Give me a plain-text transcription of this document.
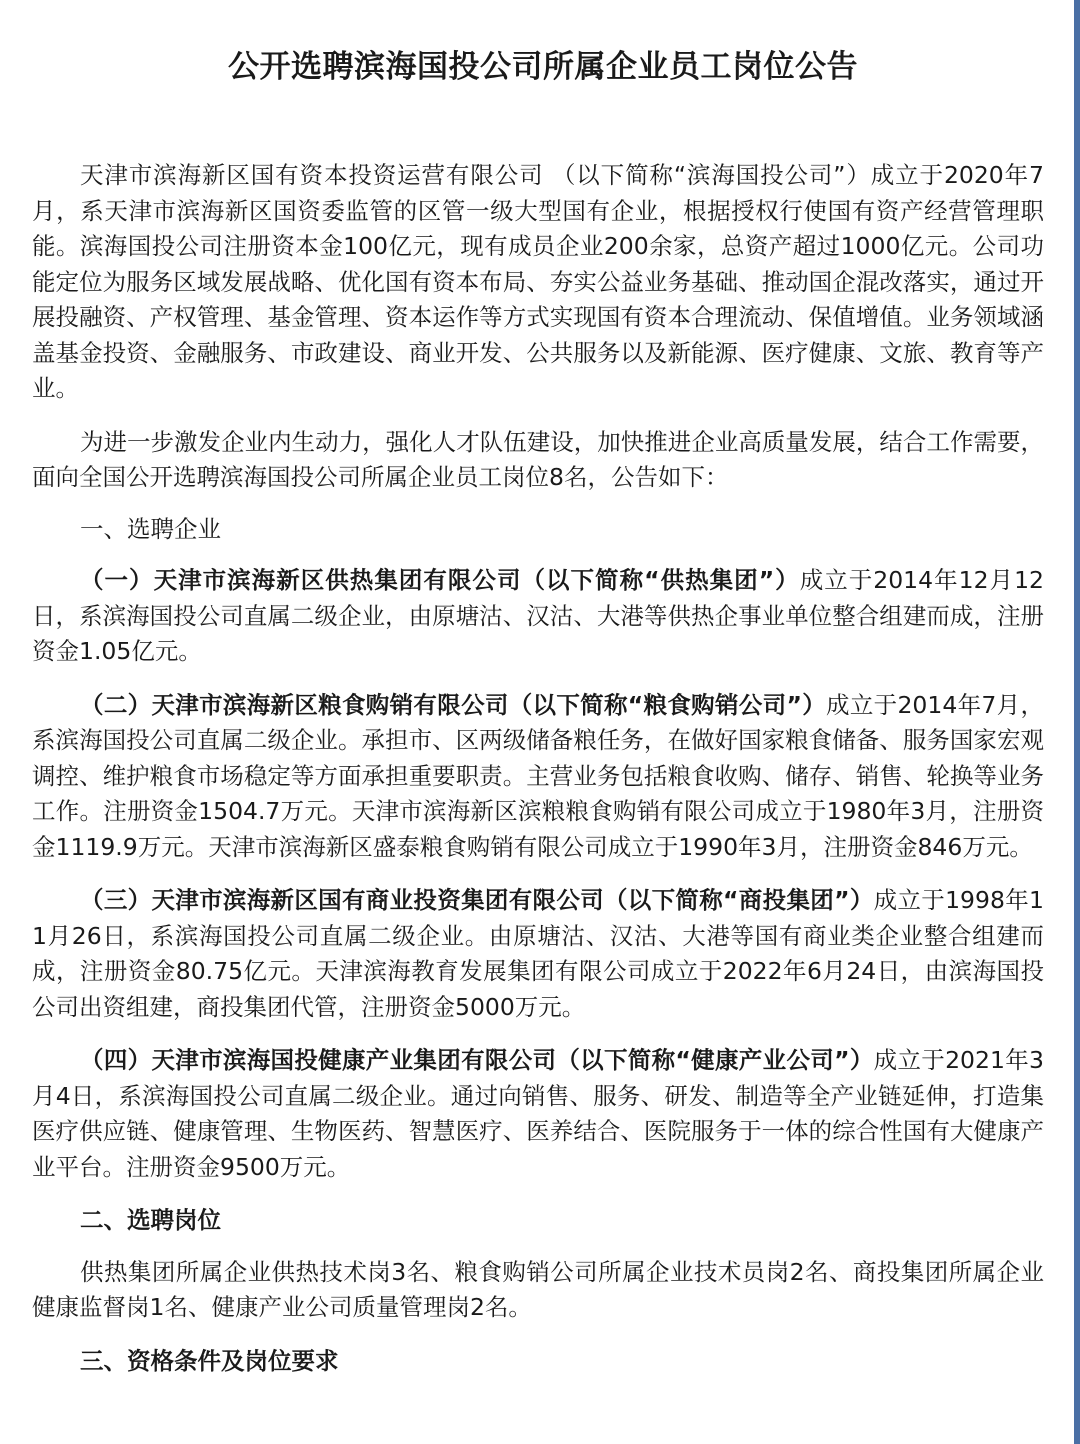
公开选聘滨海国投公司所属企业员工岗位公告

天津市滨海新区国有资本投资运营有限公司 （以下简称“滨海国投公司”）成立于2020年7月，系天津市滨海新区国资委监管的区管一级大型国有企业，根据授权行使国有资产经营管理职能。滨海国投公司注册资本金100亿元，现有成员企业200余家，总资产超过1000亿元。公司功能定位为服务区域发展战略、优化国有资本布局、夯实公益业务基础、推动国企混改落实，通过开展投融资、产权管理、基金管理、资本运作等方式实现国有资本合理流动、保值增值。业务领域涵盖基金投资、金融服务、市政建设、商业开发、公共服务以及新能源、医疗健康、文旅、教育等产业。

为进一步激发企业内生动力，强化人才队伍建设，加快推进企业高质量发展，结合工作需要，面向全国公开选聘滨海国投公司所属企业员工岗位8名，公告如下：

一、选聘企业

（一）天津市滨海新区供热集团有限公司（以下简称“供热集团”）成立于2014年12月12日，系滨海国投公司直属二级企业，由原塘沽、汉沽、大港等供热企事业单位整合组建而成，注册资金1.05亿元。

（二）天津市滨海新区粮食购销有限公司（以下简称“粮食购销公司”）成立于2014年7月，系滨海国投公司直属二级企业。承担市、区两级储备粮任务，在做好国家粮食储备、服务国家宏观调控、维护粮食市场稳定等方面承担重要职责。主营业务包括粮食收购、储存、销售、轮换等业务工作。注册资金1504.7万元。天津市滨海新区滨粮粮食购销有限公司成立于1980年3月，注册资金1119.9万元。天津市滨海新区盛泰粮食购销有限公司成立于1990年3月，注册资金846万元。

（三）天津市滨海新区国有商业投资集团有限公司（以下简称“商投集团”）成立于1998年11月26日，系滨海国投公司直属二级企业。由原塘沽、汉沽、大港等国有商业类企业整合组建而成，注册资金80.75亿元。天津滨海教育发展集团有限公司成立于2022年6月24日，由滨海国投公司出资组建，商投集团代管，注册资金5000万元。

（四）天津市滨海国投健康产业集团有限公司（以下简称“健康产业公司”）成立于2021年3月4日，系滨海国投公司直属二级企业。通过向销售、服务、研发、制造等全产业链延伸，打造集医疗供应链、健康管理、生物医药、智慧医疗、医养结合、医院服务于一体的综合性国有大健康产业平台。注册资金9500万元。

二、选聘岗位

供热集团所属企业供热技术岗3名、粮食购销公司所属企业技术员岗2名、商投集团所属企业健康监督岗1名、健康产业公司质量管理岗2名。

三、资格条件及岗位要求
